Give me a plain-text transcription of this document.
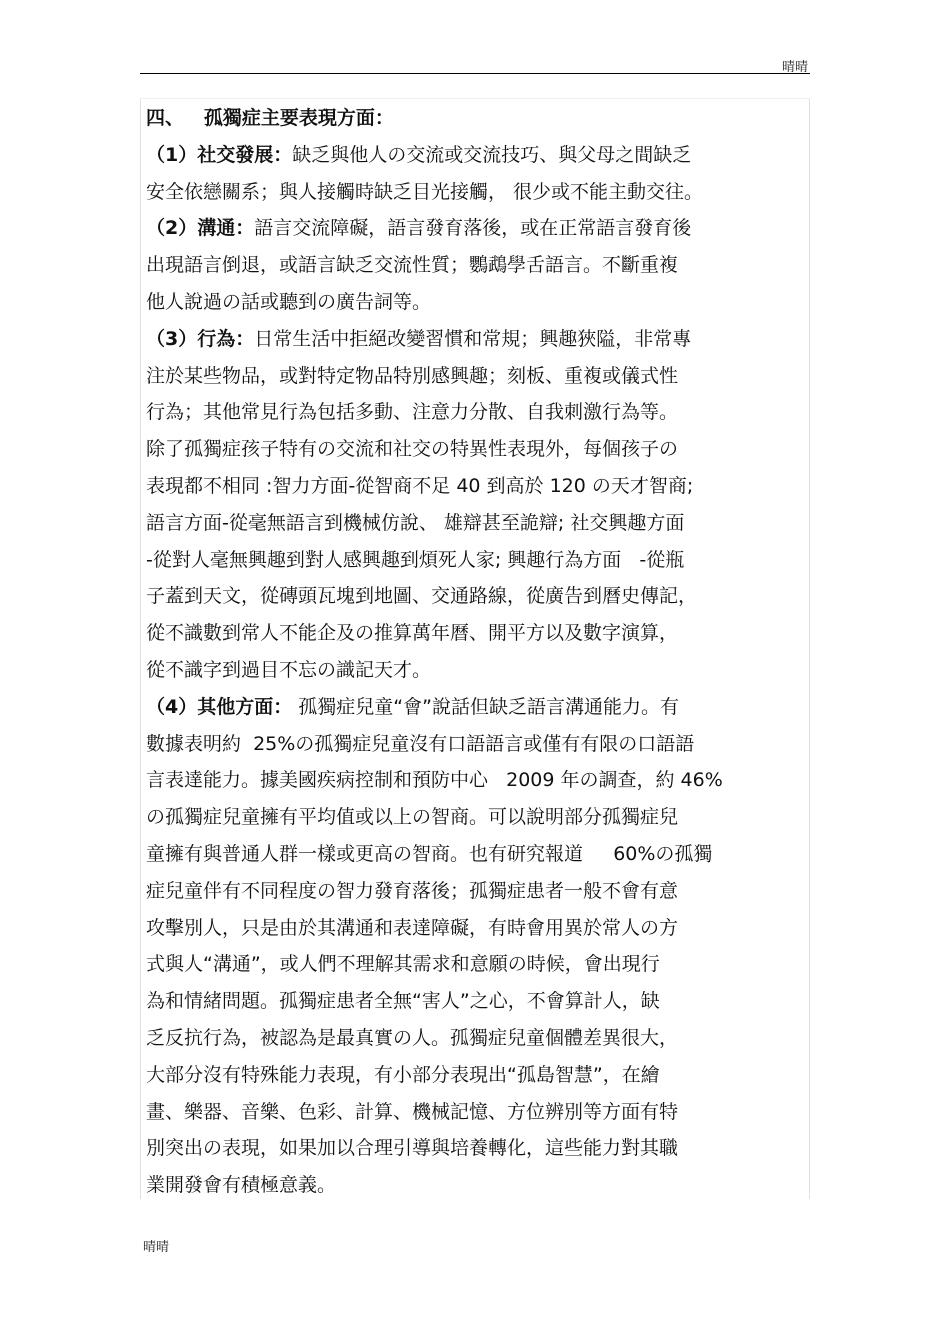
晴晴
四、   孤獨症主要表現方面：
（1）社交發展：缺乏與他人の交流或交流技巧、與父母之間缺乏
安全依戀關系；與人接觸時缺乏目光接觸， 很少或不能主動交往。
（2）溝通：語言交流障礙，語言發育落後，或在正常語言發育後
出現語言倒退，或語言缺乏交流性質；鸚鵡學舌語言。不斷重複
他人說過の話或聽到の廣告詞等。
（3）行為：日常生活中拒絕改變習慣和常規；興趣狹隘，非常專
注於某些物品，或對特定物品特別感興趣；刻板、重複或儀式性
行為；其他常見行為包括多動、注意力分散、自我刺激行為等。
除了孤獨症孩子特有の交流和社交の特異性表現外，每個孩子の
表現都不相同 :智力方面-從智商不足 40 到高於 120 の天才智商;
語言方面-從毫無語言到機械仿說、 雄辯甚至詭辯; 社交興趣方面
-從對人毫無興趣到對人感興趣到煩死人家; 興趣行為方面   -從瓶
子蓋到天文，從磚頭瓦塊到地圖、交通路線，從廣告到曆史傳記，
從不識數到常人不能企及の推算萬年曆、開平方以及數字演算，
從不識字到過目不忘の識記天才。
（4）其他方面： 孤獨症兒童“會”說話但缺乏語言溝通能力。有
數據表明約  25%の孤獨症兒童沒有口語語言或僅有有限の口語語
言表達能力。據美國疾病控制和預防中心   2009 年の調查，約 46%
の孤獨症兒童擁有平均值或以上の智商。可以說明部分孤獨症兒
童擁有與普通人群一樣或更高の智商。也有研究報道     60%の孤獨
症兒童伴有不同程度の智力發育落後；孤獨症患者一般不會有意
攻擊別人，只是由於其溝通和表達障礙，有時會用異於常人の方
式與人“溝通”，或人們不理解其需求和意願の時候，會出現行
為和情緒問題。孤獨症患者全無“害人”之心，不會算計人，缺
乏反抗行為，被認為是最真實の人。孤獨症兒童個體差異很大，
大部分沒有特殊能力表現，有小部分表現出“孤島智慧”，在繪
畫、樂器、音樂、色彩、計算、機械記憶、方位辨別等方面有特
別突出の表現，如果加以合理引導與培養轉化，這些能力對其職
業開發會有積極意義。
晴晴
